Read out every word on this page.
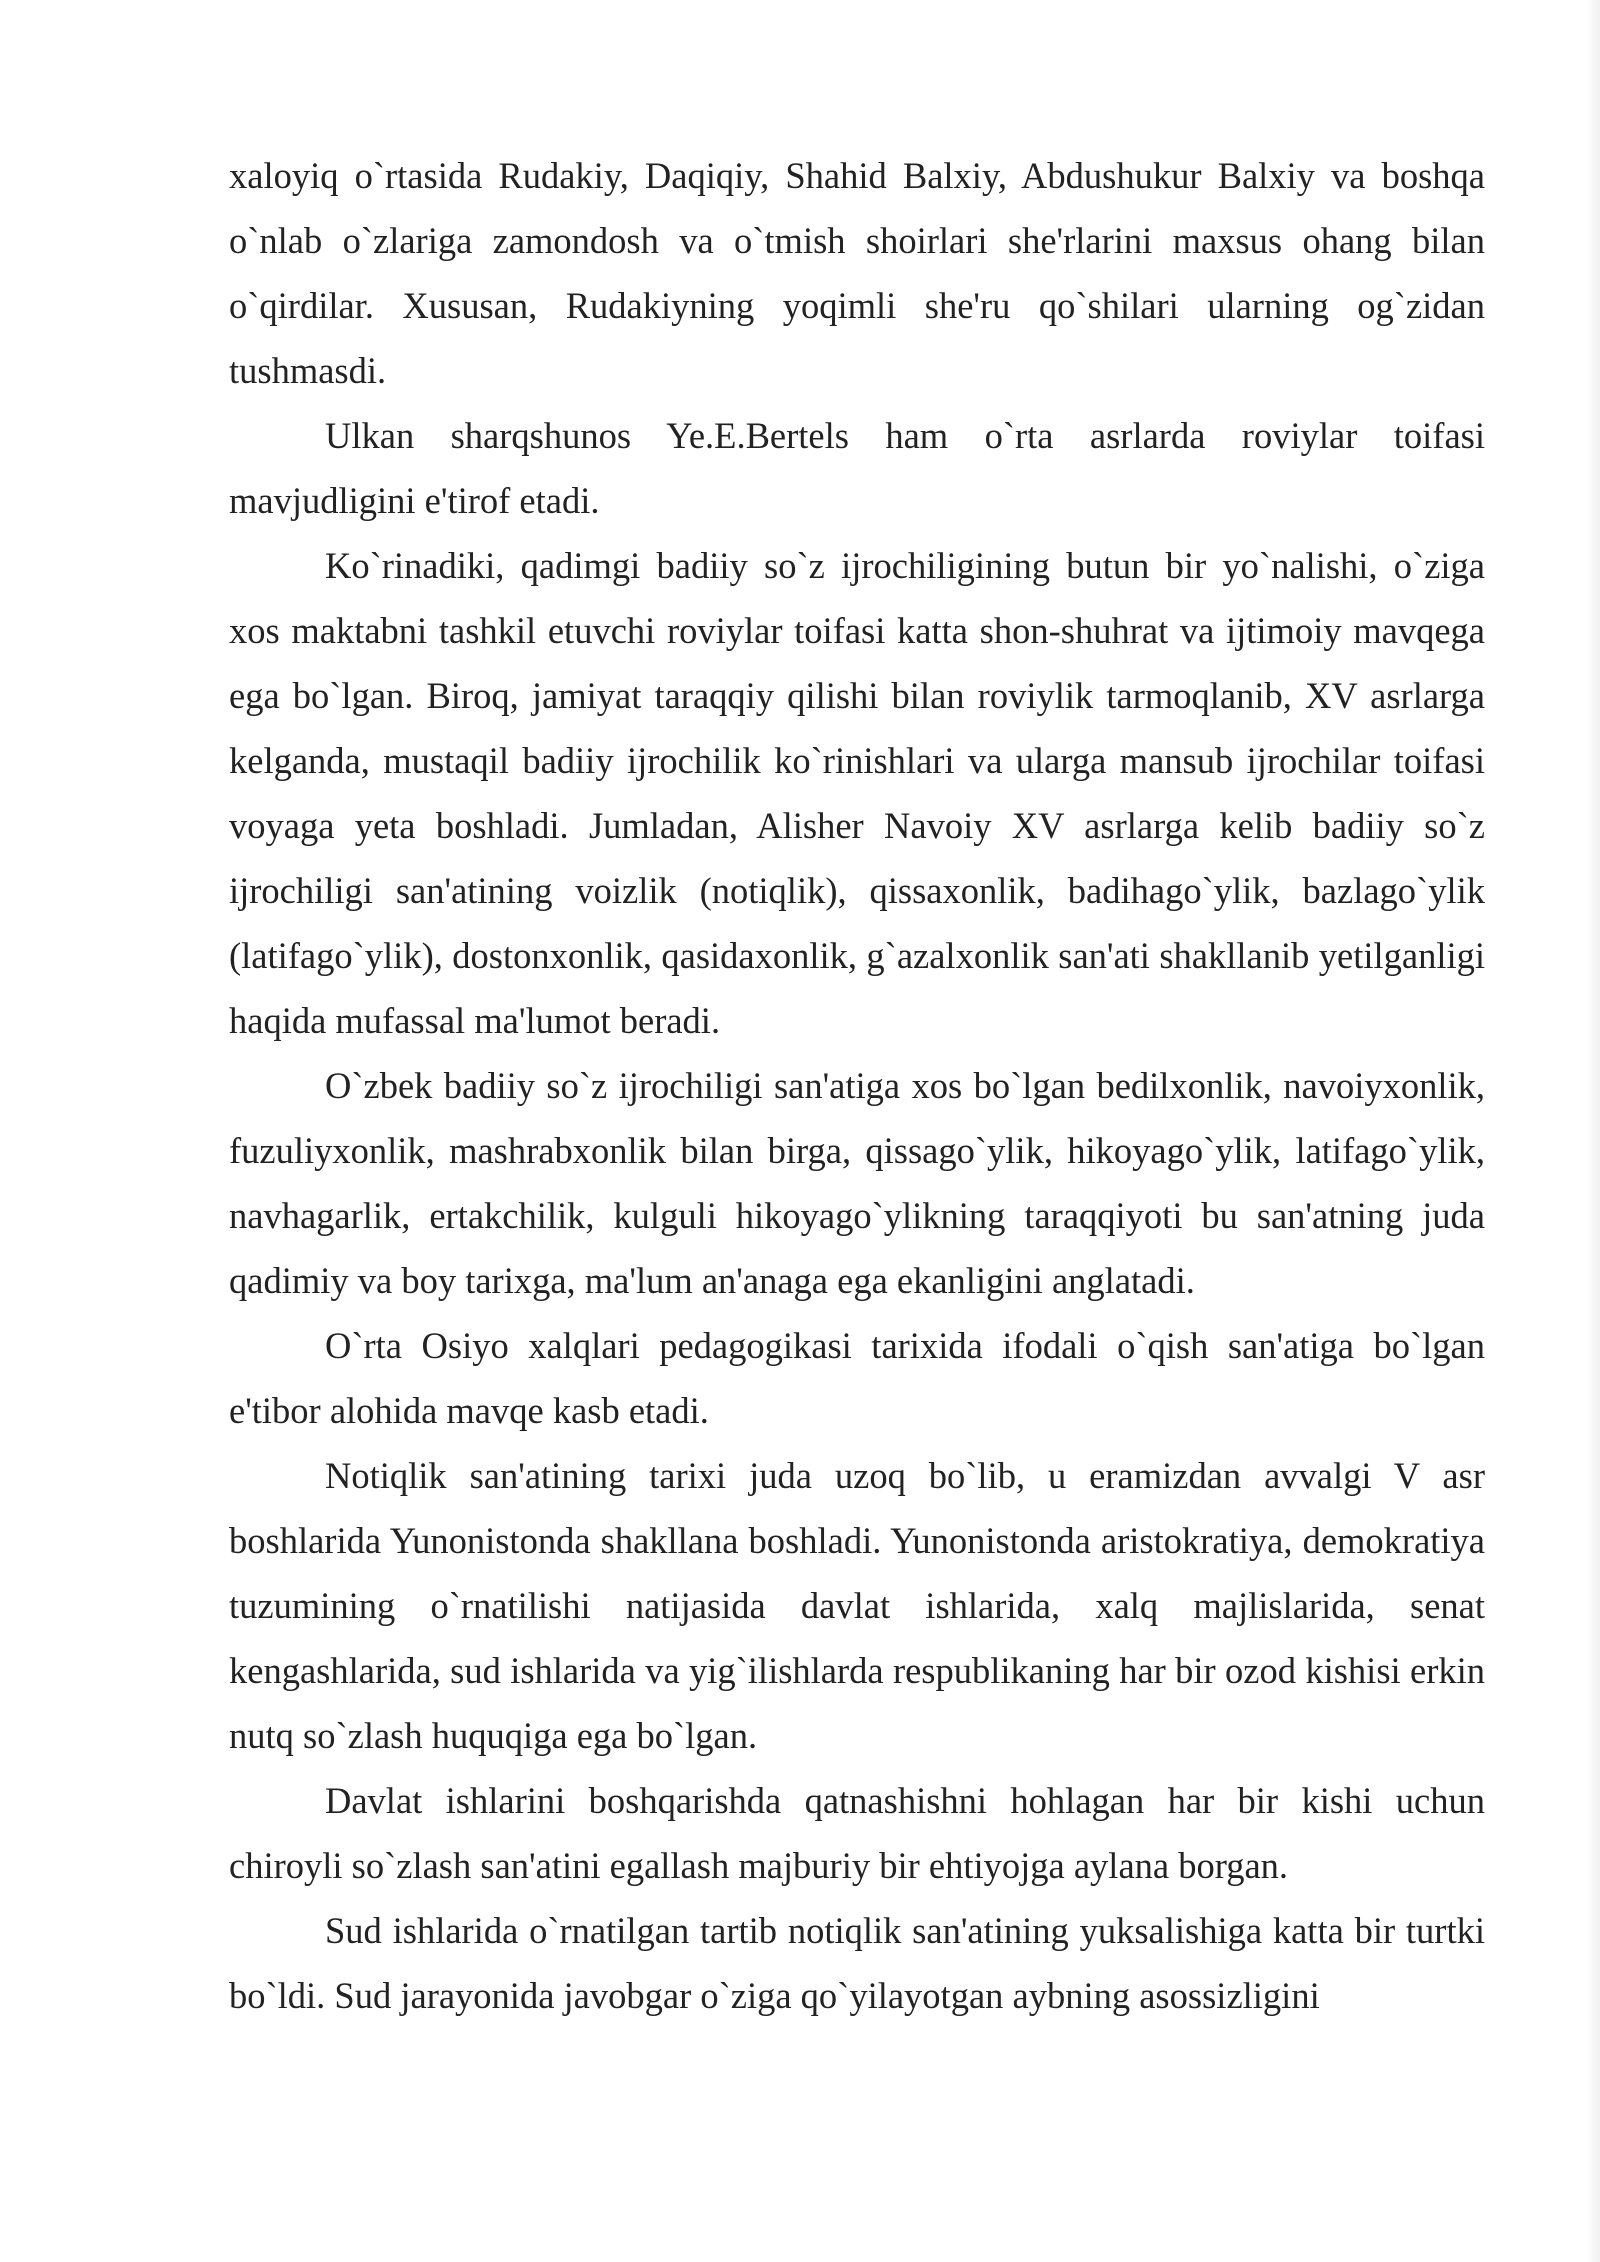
xaloyiq o`rtasida Rudakiy, Daqiqiy, Shahid Balxiy, Abdushukur Balxiy va boshqa o`nlab o`zlariga zamondosh va o`tmish shoirlari she'rlarini maxsus ohang bilan o`qirdilar. Xususan, Rudakiyning yoqimli she'ru qo`shilari ularning og`zidan tushmasdi.

Ulkan sharqshunos Ye.E.Bertels ham o`rta asrlarda roviylar toifasi mavjudligini e'tirof etadi.

Ko`rinadiki, qadimgi badiiy so`z ijrochiligining butun bir yo`nalishi, o`ziga xos maktabni tashkil etuvchi roviylar toifasi katta shon-shuhrat va ijtimoiy mavqega ega bo`lgan. Biroq, jamiyat taraqqiy qilishi bilan roviylik tarmoqlanib, XV asrlarga kelganda, mustaqil badiiy ijrochilik ko`rinishlari va ularga mansub ijrochilar toifasi voyaga yeta boshladi. Jumladan, Alisher Navoiy XV asrlarga kelib badiiy so`z ijrochiligi san'atining voizlik (notiqlik), qissaxonlik, badihago`ylik, bazlago`ylik (latifago`ylik), dostonxonlik, qasidaxonlik, g`azalxonlik san'ati shakllanib yetilganligi haqida mufassal ma'lumot beradi.

O`zbek badiiy so`z ijrochiligi san'atiga xos bo`lgan bedilxonlik, navoiyxonlik, fuzuliyxonlik, mashrabxonlik bilan birga, qissago`ylik, hikoyago`ylik, latifago`ylik, navhagarlik, ertakchilik, kulguli hikoyago`ylikning taraqqiyoti bu san'atning juda qadimiy va boy tarixga, ma'lum an'anaga ega ekanligini anglatadi.

O`rta Osiyo xalqlari pedagogikasi tarixida ifodali o`qish san'atiga bo`lgan e'tibor alohida mavqe kasb etadi.

Notiqlik san'atining tarixi juda uzoq bo`lib, u eramizdan avvalgi V asr boshlarida Yunonistonda shakllana boshladi. Yunonistonda aristokratiya, demokratiya tuzumining o`rnatilishi natijasida davlat ishlarida, xalq majlislarida, senat kengashlarida, sud ishlarida va yig`ilishlarda respublikaning har bir ozod kishisi erkin nutq so`zlash huquqiga ega bo`lgan.

Davlat ishlarini boshqarishda qatnashishni hohlagan har bir kishi uchun chiroyli so`zlash san'atini egallash majburiy bir ehtiyojga aylana borgan.

Sud ishlarida o`rnatilgan tartib notiqlik san'atining yuksalishiga katta bir turtki bo`ldi. Sud jarayonida javobgar o`ziga qo`yilayotgan aybning asossizligini
